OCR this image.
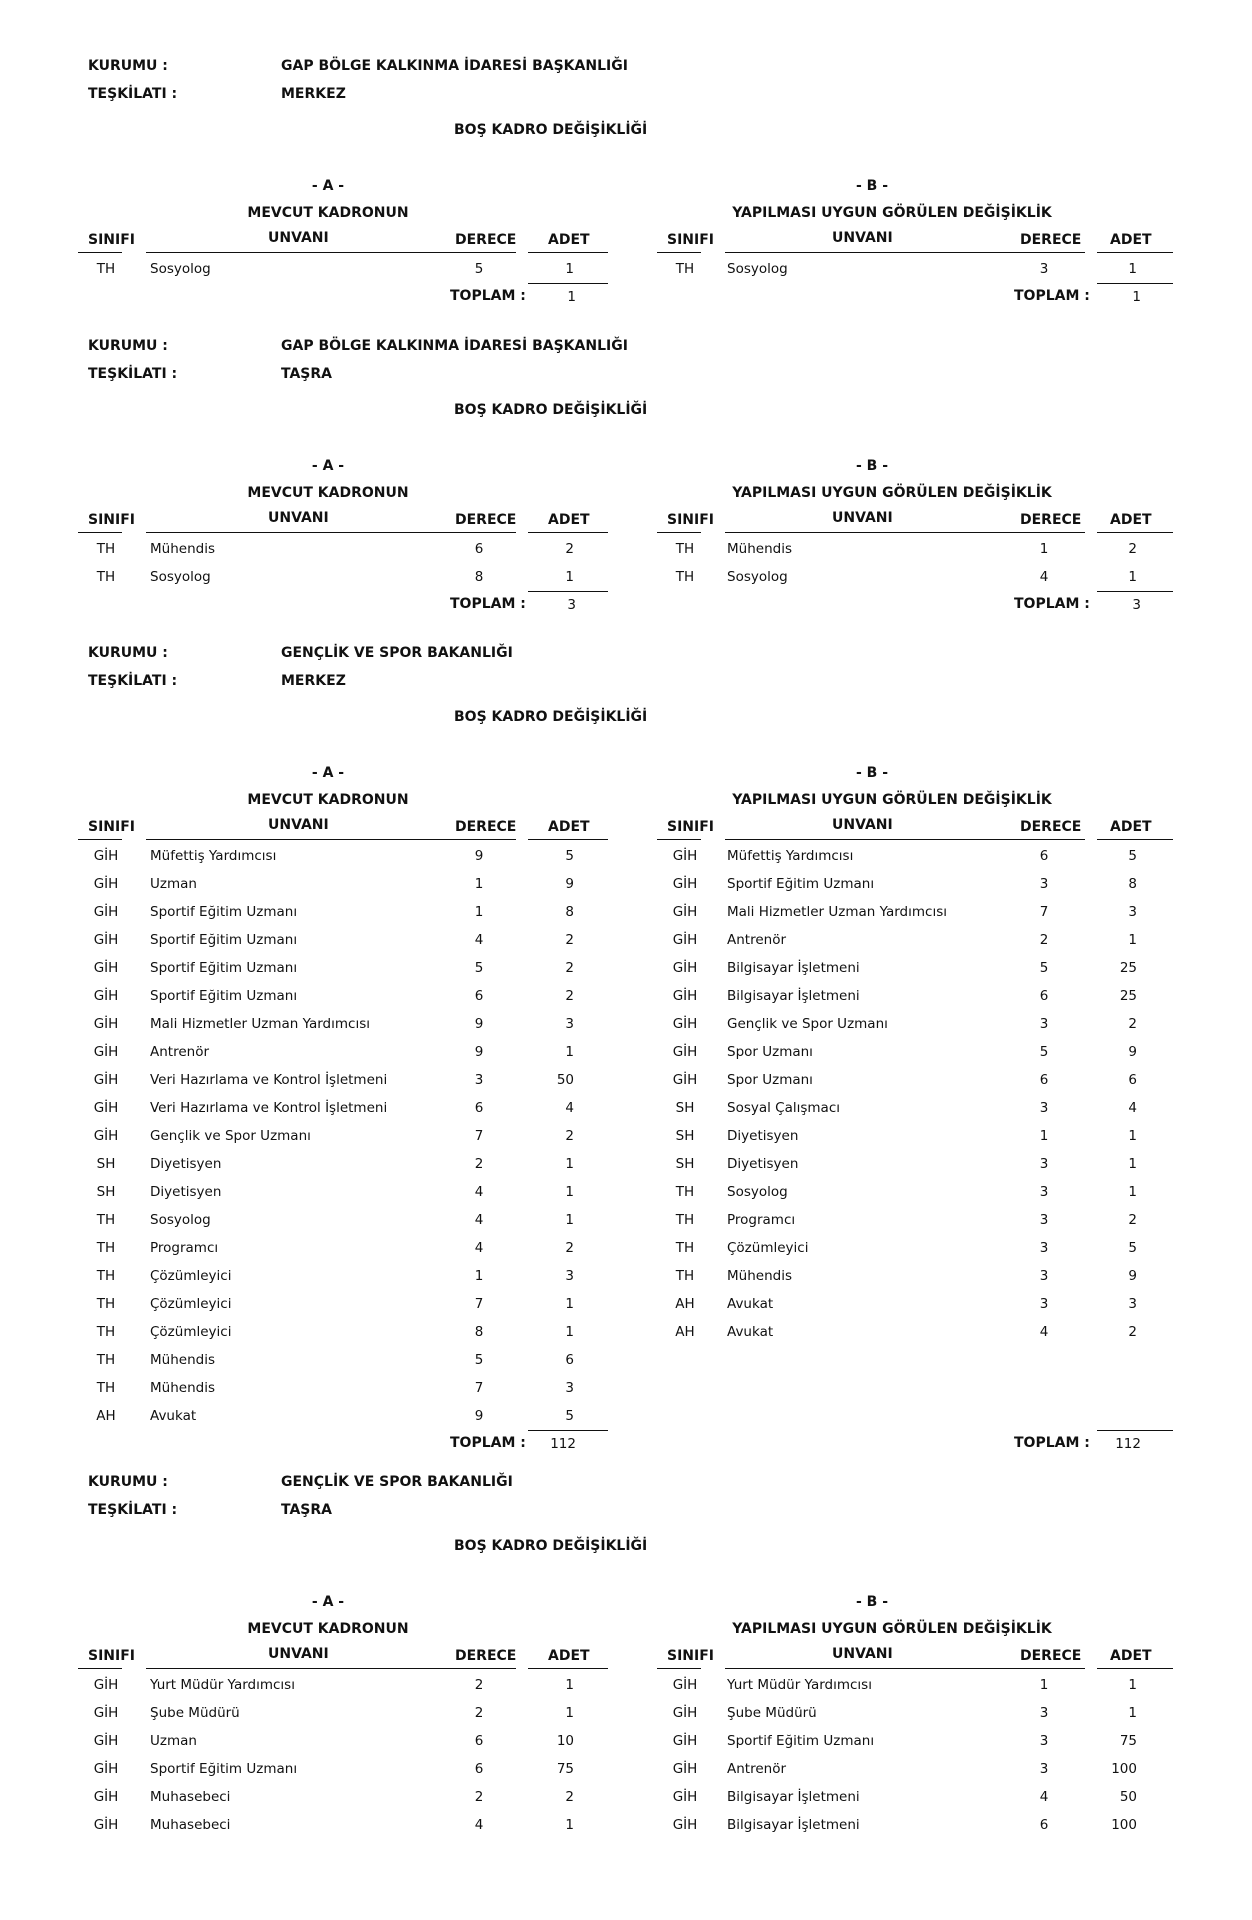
KURUMU :	GAP BÖLGE KALKINMA İDARESİ BAŞKANLIĞI
TEŞKİLATI :	MERKEZ
BOŞ KADRO DEĞİŞİKLİĞİ
- A -
MEVCUT KADRONUN
SINIFI	UNVANI	DERECE ADET
TH	Sosyolog	5	1
TOPLAM :	1
- B -
YAPILMASI UYGUN GÖRÜLEN DEĞİŞİKLİK
SINIFI	UNVANI	DERECE ADET
TH	Sosyolog	3	1
TOPLAM :	1
KURUMU :	GAP BÖLGE KALKINMA İDARESİ BAŞKANLIĞI
TEŞKİLATI :	TAŞRA
BOŞ KADRO DEĞİŞİKLİĞİ
- A -
MEVCUT KADRONUN
SINIFI	UNVANI	DERECE ADET
TH	Mühendis	6	2
TH	Sosyolog	8	1
TOPLAM :	3
- B -
YAPILMASI UYGUN GÖRÜLEN DEĞİŞİKLİK
SINIFI	UNVANI	DERECE ADET
TH	Mühendis	1	2
TH	Sosyolog	4	1
TOPLAM :	3
KURUMU :	GENÇLİK VE SPOR BAKANLIĞI
TEŞKİLATI :	MERKEZ
BOŞ KADRO DEĞİŞİKLİĞİ
- A -
MEVCUT KADRONUN
SINIFI	UNVANI	DERECE ADET
GİH	Müfettiş Yardımcısı	9	5
GİH	Uzman	1	9
GİH	Sportif Eğitim Uzmanı	1	8
GİH	Sportif Eğitim Uzmanı	4	2
GİH	Sportif Eğitim Uzmanı	5	2
GİH	Sportif Eğitim Uzmanı	6	2
GİH	Mali Hizmetler Uzman Yardımcısı	9	3
GİH	Antrenör	9	1
GİH	Veri Hazırlama ve Kontrol İşletmeni	3	50
GİH	Veri Hazırlama ve Kontrol İşletmeni	6	4
GİH	Gençlik ve Spor Uzmanı	7	2
SH	Diyetisyen	2	1
SH	Diyetisyen	4	1
TH	Sosyolog	4	1
TH	Programcı	4	2
TH	Çözümleyici	1	3
TH	Çözümleyici	7	1
TH	Çözümleyici	8	1
TH	Mühendis	5	6
TH	Mühendis	7	3
AH	Avukat	9	5
TOPLAM :	112
- B -
YAPILMASI UYGUN GÖRÜLEN DEĞİŞİKLİK
SINIFI	UNVANI	DERECE ADET
GİH	Müfettiş Yardımcısı	6	5
GİH	Sportif Eğitim Uzmanı	3	8
GİH	Mali Hizmetler Uzman Yardımcısı	7	3
GİH	Antrenör	2	1
GİH	Bilgisayar İşletmeni	5	25
GİH	Bilgisayar İşletmeni	6	25
GİH	Gençlik ve Spor Uzmanı	3	2
GİH	Spor Uzmanı	5	9
GİH	Spor Uzmanı	6	6
SH	Sosyal Çalışmacı	3	4
SH	Diyetisyen	1	1
SH	Diyetisyen	3	1
TH	Sosyolog	3	1
TH	Programcı	3	2
TH	Çözümleyici	3	5
TH	Mühendis	3	9
AH	Avukat	3	3
AH	Avukat	4	2
TOPLAM :	112
KURUMU :	GENÇLİK VE SPOR BAKANLIĞI
TEŞKİLATI :	TAŞRA
BOŞ KADRO DEĞİŞİKLİĞİ
- A -
MEVCUT KADRONUN
SINIFI	UNVANI	DERECE ADET
GİH	Yurt Müdür Yardımcısı	2	1
GİH	Şube Müdürü	2	1
GİH	Uzman	6	10
GİH	Sportif Eğitim Uzmanı	6	75
GİH	Muhasebeci	2	2
GİH	Muhasebeci	4	1
- B -
YAPILMASI UYGUN GÖRÜLEN DEĞİŞİKLİK
SINIFI	UNVANI	DERECE ADET
GİH	Yurt Müdür Yardımcısı	1	1
GİH	Şube Müdürü	3	1
GİH	Sportif Eğitim Uzmanı	3	75
GİH	Antrenör	3	100
GİH	Bilgisayar İşletmeni	4	50
GİH	Bilgisayar İşletmeni	6	100
